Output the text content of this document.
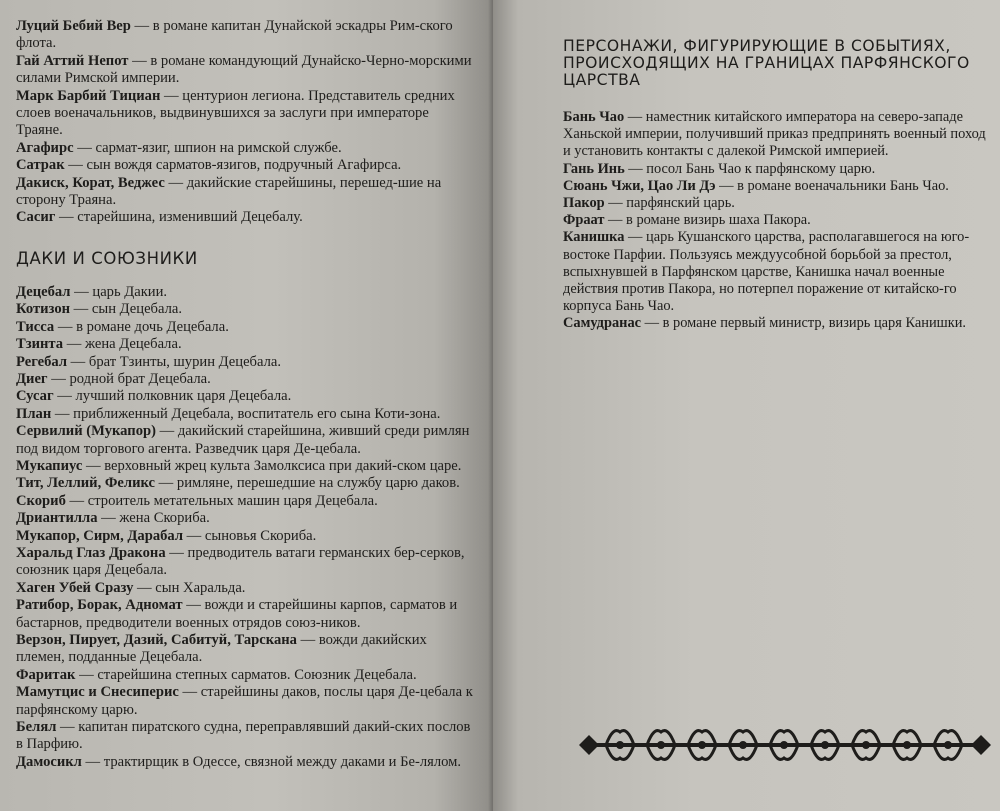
Луций Бебий Вер — в романе капитан Дунайской эскадры Рим-ского флота.

Гай Аттий Непот — в романе командующий Дунайско-Черно-морскими силами Римской империи.

Марк Барбий Тициан — центурион легиона. Представитель средних слоев военачальников, выдвинувшихся за заслуги при императоре Траяне.

Агафирс — сармат-язиг, шпион на римской службе.

Сатрак — сын вождя сарматов-язигов, подручный Агафирса.

Дакиск, Корат, Веджес — дакийские старейшины, перешед-шие на сторону Траяна.

Сасиг — старейшина, изменивший Децебалу.

ДАКИ И СОЮЗНИКИ

Децебал — царь Дакии.

Котизон — сын Децебала.

Тисса — в романе дочь Децебала.

Тзинта — жена Децебала.

Регебал — брат Тзинты, шурин Децебала.

Диег — родной брат Децебала.

Сусаг — лучший полковник царя Децебала.

План — приближенный Децебала, воспитатель его сына Коти-зона.

Сервилий (Мукапор) — дакийский старейшина, живший среди римлян под видом торгового агента. Разведчик царя Де-цебала.

Мукапиус — верховный жрец культа Замолксиса при дакий-ском царе.

Тит, Леллий, Феликс — римляне, перешедшие на службу царю даков.

Скориб — строитель метательных машин царя Децебала.

Дриантилла — жена Скориба.

Мукапор, Сирм, Дарабал — сыновья Скориба.

Харальд Глаз Дракона — предводитель ватаги германских бер-серков, союзник царя Децебала.

Хаген Убей Сразу — сын Харальда.

Ратибор, Борак, Адномат — вожди и старейшины карпов, сарматов и бастарнов, предводители военных отрядов союз-ников.

Верзон, Пирует, Дазий, Сабитуй, Тарскана — вожди дакийских племен, подданные Децебала.

Фаритак — старейшина степных сарматов. Союзник Децебала.

Мамутцис и Снесиперис — старейшины даков, послы царя Де-цебала к парфянскому царю.

Белял — капитан пиратского судна, переправлявший дакий-ских послов в Парфию.

Дамосикл — трактирщик в Одессе, связной между даками и Бе-лялом.

ПЕРСОНАЖИ, ФИГУРИРУЮЩИЕ В СОБЫТИЯХ, ПРОИСХОДЯЩИХ НА ГРАНИЦАХ ПАРФЯНСКОГО ЦАРСТВА

Бань Чао — наместник китайского императора на северо-западе Ханьской империи, получивший приказ предпринять военный поход и установить контакты с далекой Римской империей.

Гань Инь — посол Бань Чао к парфянскому царю.

Сюань Чжи, Цао Ли Дэ — в романе военачальники Бань Чао.

Пакор — парфянский царь.

Фраат — в романе визирь шаха Пакора.

Канишка — царь Кушанского царства, располагавшегося на юго-востоке Парфии. Пользуясь междуусобной борьбой за престол, вспыхнувшей в Парфянском царстве, Канишка начал военные действия против Пакора, но потерпел поражение от китайско-го корпуса Бань Чао.

Самудранас — в романе первый министр, визирь царя Канишки.
